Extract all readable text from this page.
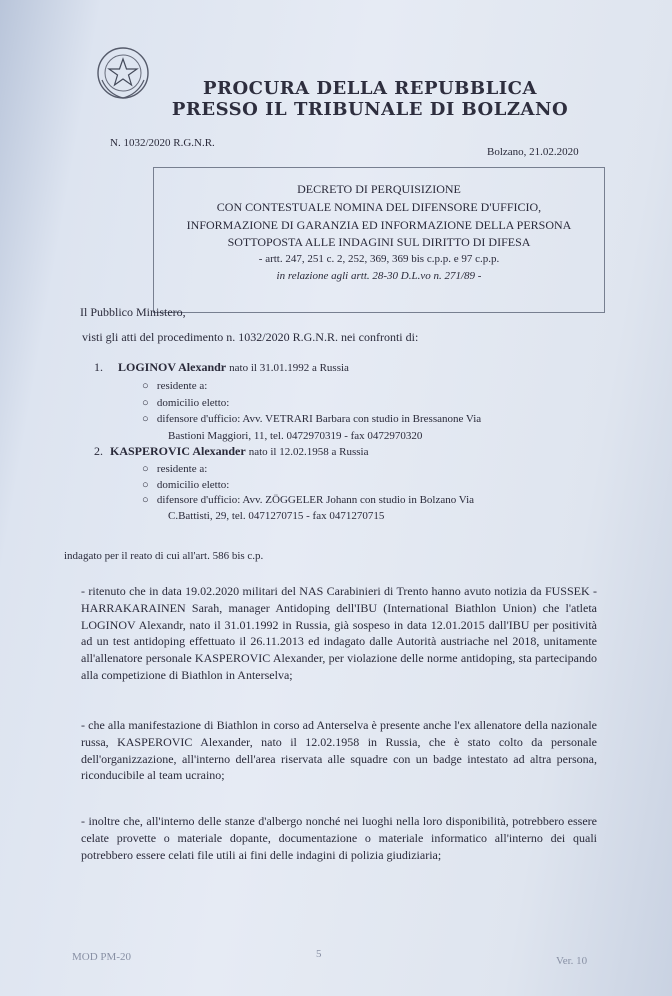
PROCURA DELLA REPUBBLICA
PRESSO IL TRIBUNALE DI BOLZANO
N. 1032/2020 R.G.N.R.
Bolzano, 21.02.2020
DECRETO DI PERQUISIZIONE
CON CONTESTUALE NOMINA DEL DIFENSORE D'UFFICIO,
INFORMAZIONE DI GARANZIA ED INFORMAZIONE DELLA PERSONA
SOTTOPOSTA ALLE INDAGINI SUL DIRITTO DI DIFESA
- artt. 247, 251 c. 2, 252, 369, 369 bis c.p.p. e 97 c.p.p.
in relazione agli artt. 28-30 D.L.vo n. 271/89 -
Il Pubblico Ministero,
visti gli atti del procedimento n. 1032/2020 R.G.N.R. nei confronti di:
1. LOGINOV Alexandr nato il 31.01.1992 a Russia
○   residente a:
○   domicilio eletto:
○   difensore d'ufficio: Avv. VETRARI Barbara con studio in Bressanone Via
Bastioni Maggiori, 11, tel. 0472970319 - fax 0472970320
2. KASPEROVIC Alexander nato il 12.02.1958 a Russia
○   residente a:
○   domicilio eletto:
○   difensore d'ufficio: Avv. ZÖGGELER Johann con studio in Bolzano Via
C.Battisti, 29, tel. 0471270715 - fax 0471270715
indagato per il reato di cui all'art. 586 bis c.p.
- ritenuto che in data 19.02.2020 militari del NAS Carabinieri di Trento hanno avuto notizia da FUSSEK - HARRAKARAINEN Sarah, manager Antidoping dell'IBU (International Biathlon Union) che l'atleta LOGINOV Alexandr, nato il 31.01.1992 in Russia, già sospeso in data 12.01.2015 dall'IBU per positività ad un test antidoping effettuato il 26.11.2013 ed indagato dalle Autorità austriache nel 2018, unitamente all'allenatore personale KASPEROVIC Alexander, per violazione delle norme antidoping, sta partecipando alla competizione di Biathlon in Anterselva;
- che alla manifestazione di Biathlon in corso ad Anterselva è presente anche l'ex allenatore della nazionale russa, KASPEROVIC Alexander, nato il 12.02.1958 in Russia, che è stato colto da personale dell'organizzazione, all'interno dell'area riservata alle squadre con un badge intestato ad altra persona, riconducibile al team ucraino;
- inoltre che, all'interno delle stanze d'albergo nonché nei luoghi nella loro disponibilità, potrebbero essere celate provette o materiale dopante, documentazione o materiale informatico all'interno dei quali potrebbero essere celati file utili ai fini delle indagini di polizia giudiziaria;
MOD PM-20	5
Ver. 10
